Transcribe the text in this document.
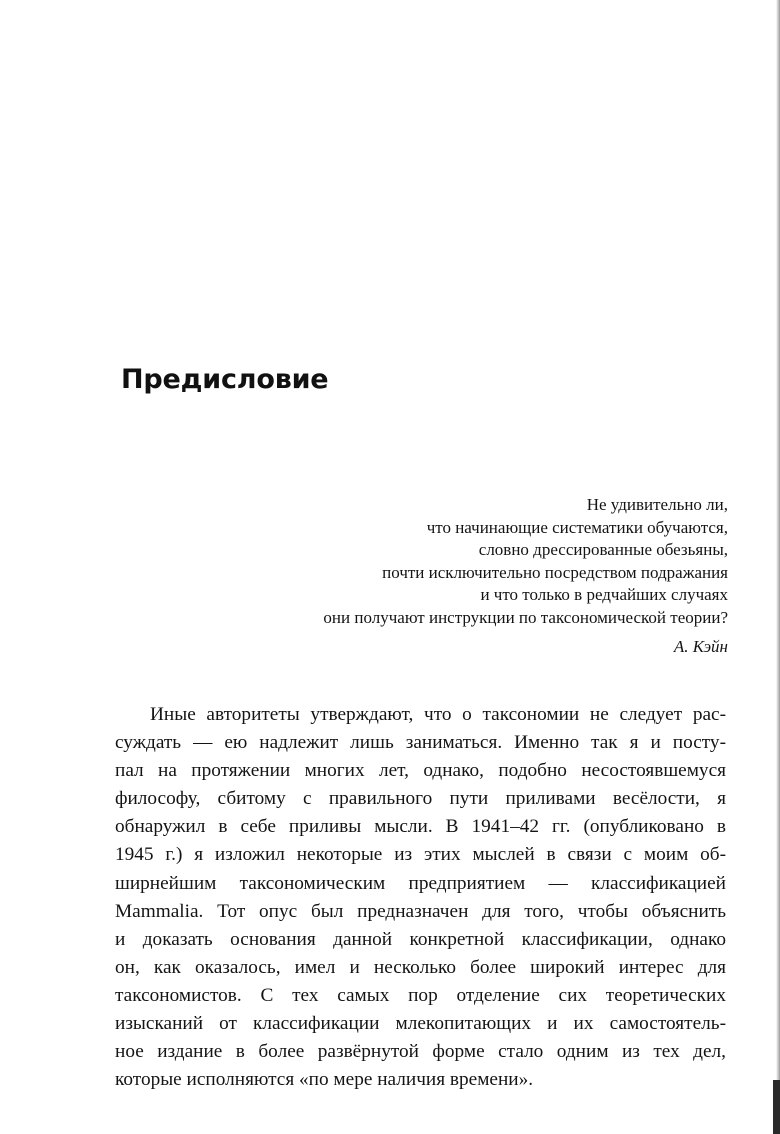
Предисловие
Не удивительно ли,
что начинающие систематики обучаются,
словно дрессированные обезьяны,
почти исключительно посредством подражания
и что только в редчайших случаях
они получают инструкции по таксономической теории?
А. Кэйн
Иные авторитеты утверждают, что о таксономии не следует рас-
суждать — ею надлежит лишь заниматься. Именно так я и посту-
пал на протяжении многих лет, однако, подобно несостоявшемуся
философу, сбитому с правильного пути приливами весёлости, я
обнаружил в себе приливы мысли. В 1941–42 гг. (опубликовано в
1945 г.) я изложил некоторые из этих мыслей в связи с моим об-
ширнейшим таксономическим предприятием — классификацией
Mammalia. Тот опус был предназначен для того, чтобы объяснить
и доказать основания данной конкретной классификации, однако
он, как оказалось, имел и несколько более широкий интерес для
таксономистов. С тех самых пор отделение сих теоретических
изысканий от классификации млекопитающих и их самостоятель-
ное издание в более развёрнутой форме стало одним из тех дел,
которые исполняются «по мере наличия времени».
